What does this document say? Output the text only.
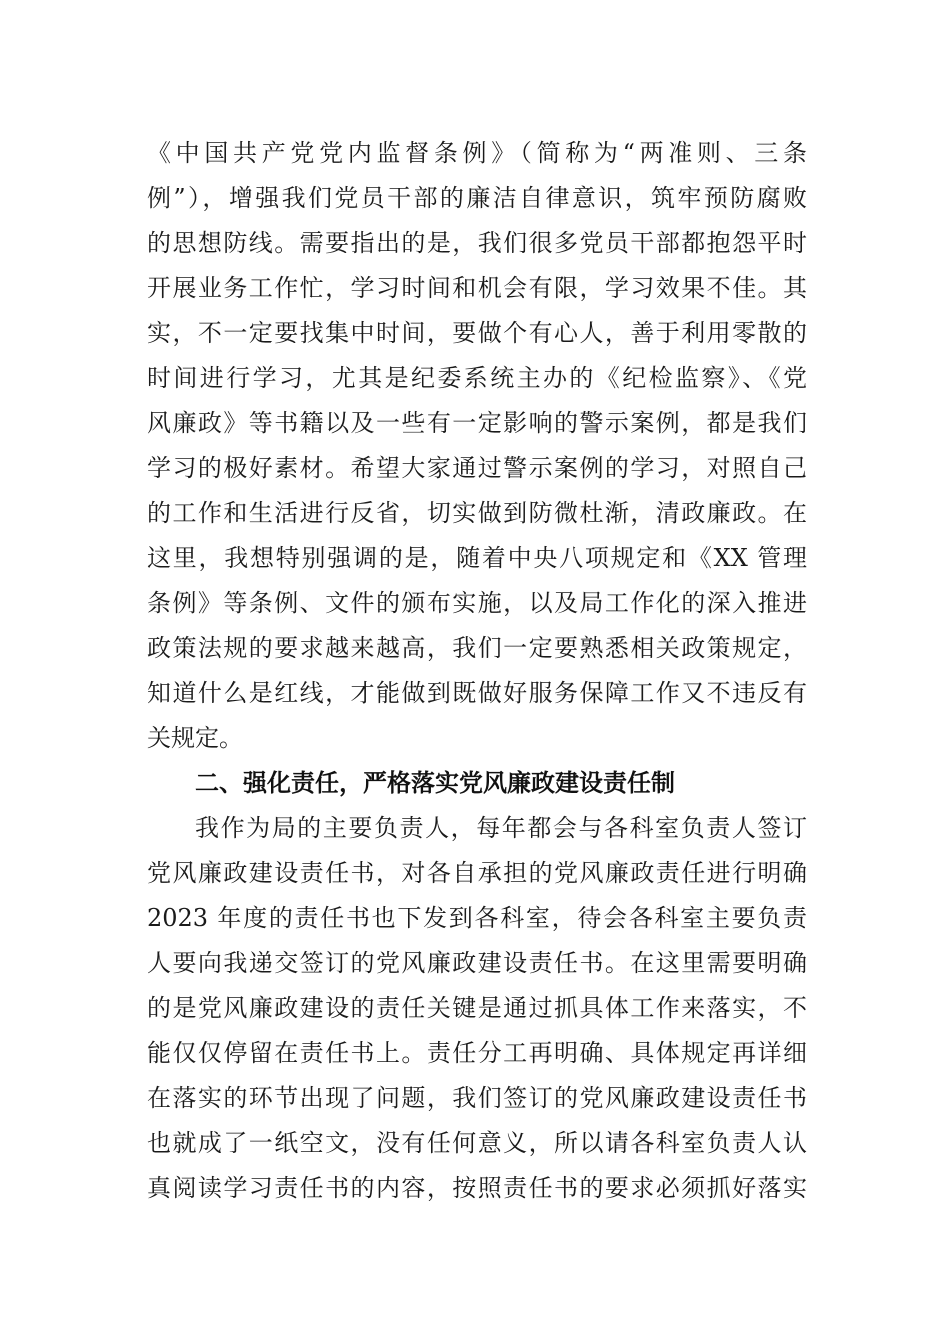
《中国共产党党内监督条例》（简称为“两准则、三条
例”），增强我们党员干部的廉洁自律意识，筑牢预防腐败
的思想防线。需要指出的是，我们很多党员干部都抱怨平时
开展业务工作忙，学习时间和机会有限，学习效果不佳。其
实，不一定要找集中时间，要做个有心人，善于利用零散的
时间进行学习，尤其是纪委系统主办的《纪检监察》、《党
风廉政》等书籍以及一些有一定影响的警示案例，都是我们
学习的极好素材。希望大家通过警示案例的学习，对照自己
的工作和生活进行反省，切实做到防微杜渐，清政廉政。在
这里，我想特别强调的是，随着中央八项规定和《XX 管理
条例》等条例、文件的颁布实施，以及局工作化的深入推进
政策法规的要求越来越高，我们一定要熟悉相关政策规定，
知道什么是红线，才能做到既做好服务保障工作又不违反有
关规定。
二、强化责任，严格落实党风廉政建设责任制
我作为局的主要负责人，每年都会与各科室负责人签订
党风廉政建设责任书，对各自承担的党风廉政责任进行明确
2023 年度的责任书也下发到各科室，待会各科室主要负责
人要向我递交签订的党风廉政建设责任书。在这里需要明确
的是党风廉政建设的责任关键是通过抓具体工作来落实，不
能仅仅停留在责任书上。责任分工再明确、具体规定再详细
在落实的环节出现了问题，我们签订的党风廉政建设责任书
也就成了一纸空文，没有任何意义，所以请各科室负责人认
真阅读学习责任书的内容，按照责任书的要求必须抓好落实
